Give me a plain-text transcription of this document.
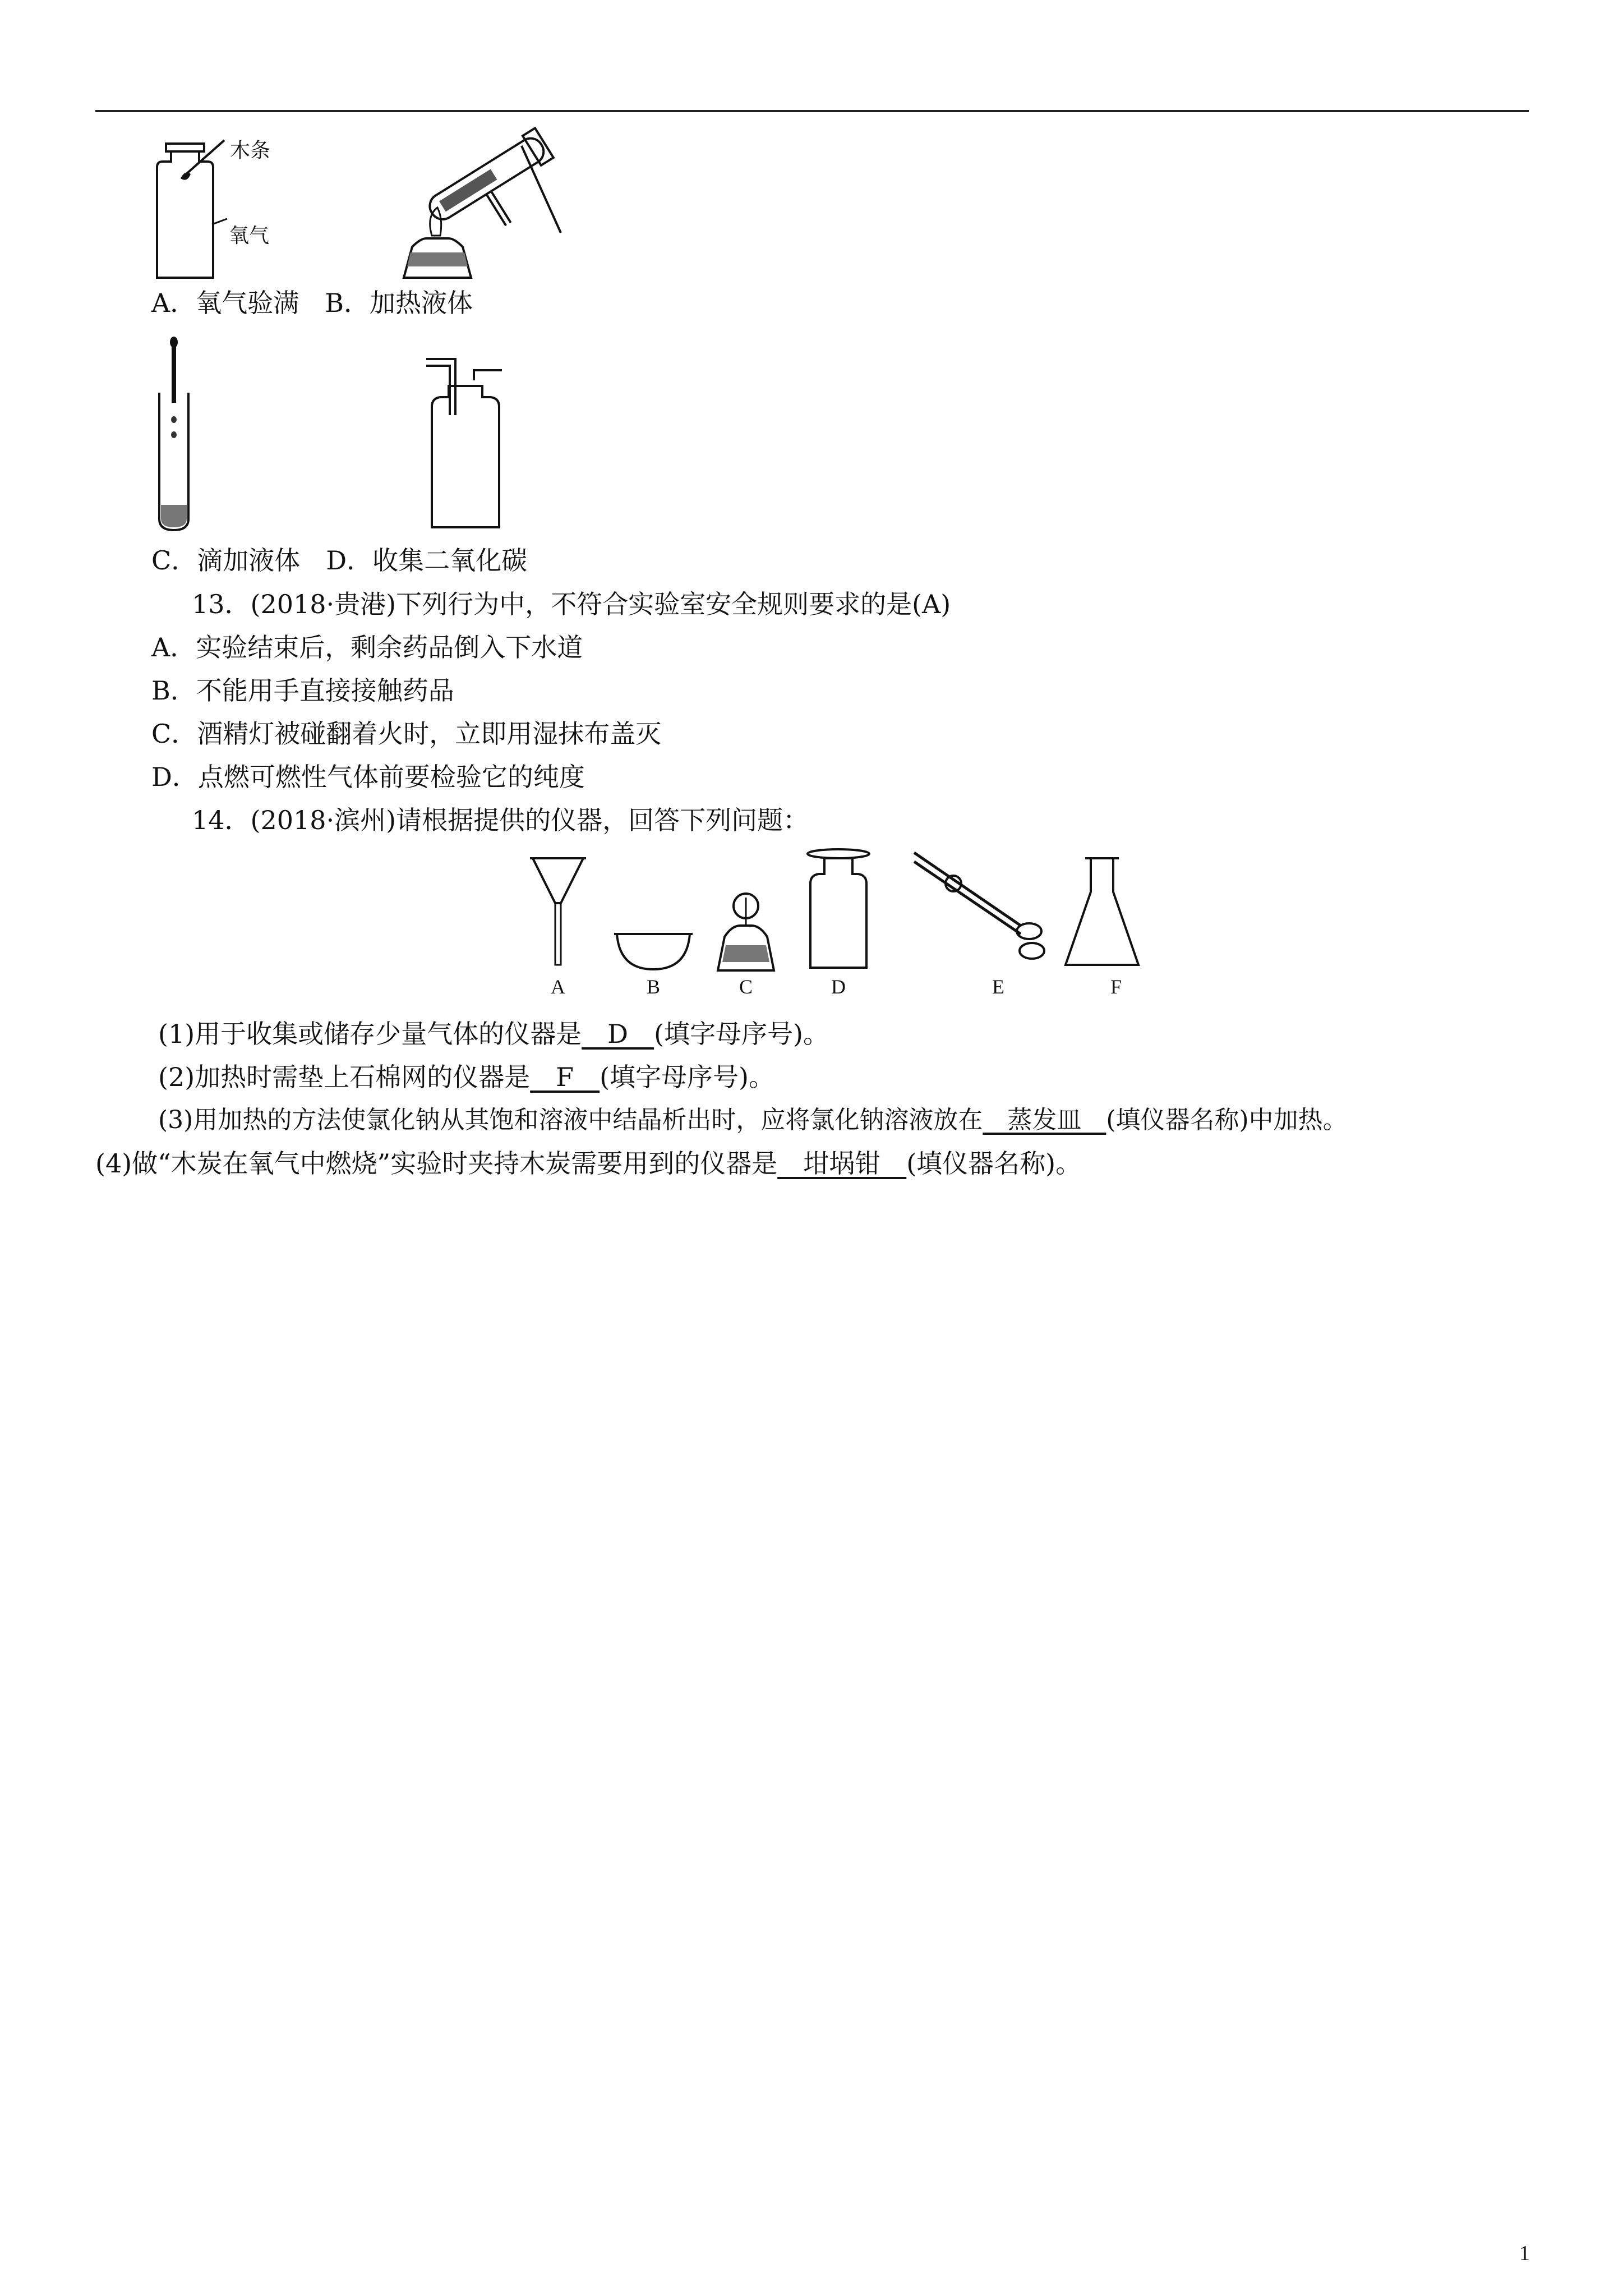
木条
氧气
A．氧气验满　B．加热液体
C．滴加液体　D．收集二氧化碳
13．(2018·贵港)下列行为中，不符合实验室安全规则要求的是(A)
A．实验结束后，剩余药品倒入下水道
B．不能用手直接接触药品
C．酒精灯被碰翻着火时，立即用湿抹布盖灭
D．点燃可燃性气体前要检验它的纯度
14．(2018·滨州)请根据提供的仪器，回答下列问题：
A	B	C	D	E	F
(1)用于收集或储存少量气体的仪器是__D__(填字母序号)。
(2)加热时需垫上石棉网的仪器是__F__(填字母序号)。
(3)用加热的方法使氯化钠从其饱和溶液中结晶析出时，应将氯化钠溶液放在__蒸发皿__(填仪器名称)中加热。
(4)做“木炭在氧气中燃烧”实验时夹持木炭需要用到的仪器是__坩埚钳__(填仪器名称)。
1
